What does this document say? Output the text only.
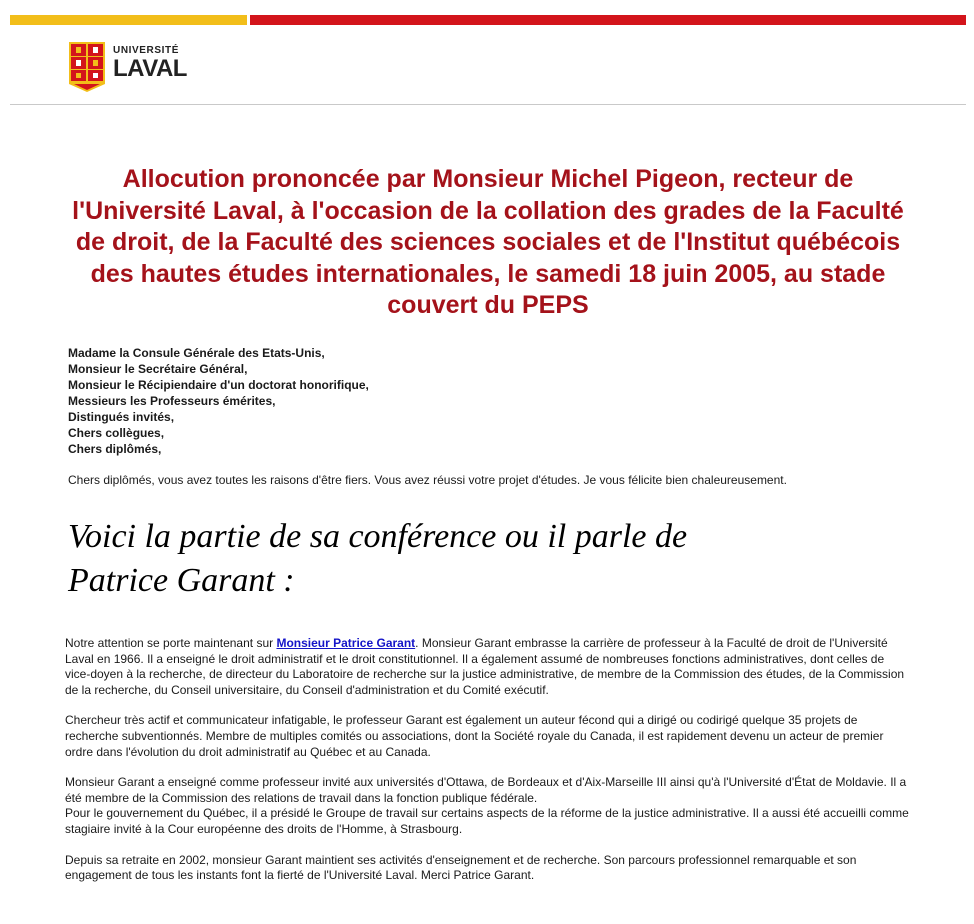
UNIVERSITÉ
LAVAL
Allocution prononcée par Monsieur Michel Pigeon, recteur de l'Université Laval, à l'occasion de la collation des grades de la Faculté de droit, de la Faculté des sciences sociales et de l'Institut québécois des hautes études internationales, le samedi 18 juin 2005, au stade couvert du PEPS
Madame la Consule Générale des Etats-Unis,
Monsieur le Secrétaire Général,
Monsieur le Récipiendaire d'un doctorat honorifique,
Messieurs les Professeurs émérites,
Distingués invités,
Chers collègues,
Chers diplômés,

Chers diplômés, vous avez toutes les raisons d'être fiers. Vous avez réussi votre projet d'études. Je vous félicite bien chaleureusement.

Voici la partie de sa conférence ou il parle de
Patrice Garant :

Notre attention se porte maintenant sur Monsieur Patrice Garant. Monsieur Garant embrasse la carrière de professeur à la Faculté de droit de l'Université Laval en 1966. Il a enseigné le droit administratif et le droit constitutionnel. Il a également assumé de nombreuses fonctions administratives, dont celles de vice-doyen à la recherche, de directeur du Laboratoire de recherche sur la justice administrative, de membre de la Commission des études, de la Commission de la recherche, du Conseil universitaire, du Conseil d'administration et du Comité exécutif.

Chercheur très actif et communicateur infatigable, le professeur Garant est également un auteur fécond qui a dirigé ou codirigé quelque 35 projets de recherche subventionnés. Membre de multiples comités ou associations, dont la Société royale du Canada, il est rapidement devenu un acteur de premier ordre dans l'évolution du droit administratif au Québec et au Canada.

Monsieur Garant a enseigné comme professeur invité aux universités d'Ottawa, de Bordeaux et d'Aix-Marseille III ainsi qu'à l'Université d'État de Moldavie. Il a été membre de la Commission des relations de travail dans la fonction publique fédérale.
Pour le gouvernement du Québec, il a présidé le Groupe de travail sur certains aspects de la réforme de la justice administrative. Il a aussi été accueilli comme stagiaire invité à la Cour européenne des droits de l'Homme, à Strasbourg.

Depuis sa retraite en 2002, monsieur Garant maintient ses activités d'enseignement et de recherche. Son parcours professionnel remarquable et son engagement de tous les instants font la fierté de l'Université Laval. Merci Patrice Garant.
